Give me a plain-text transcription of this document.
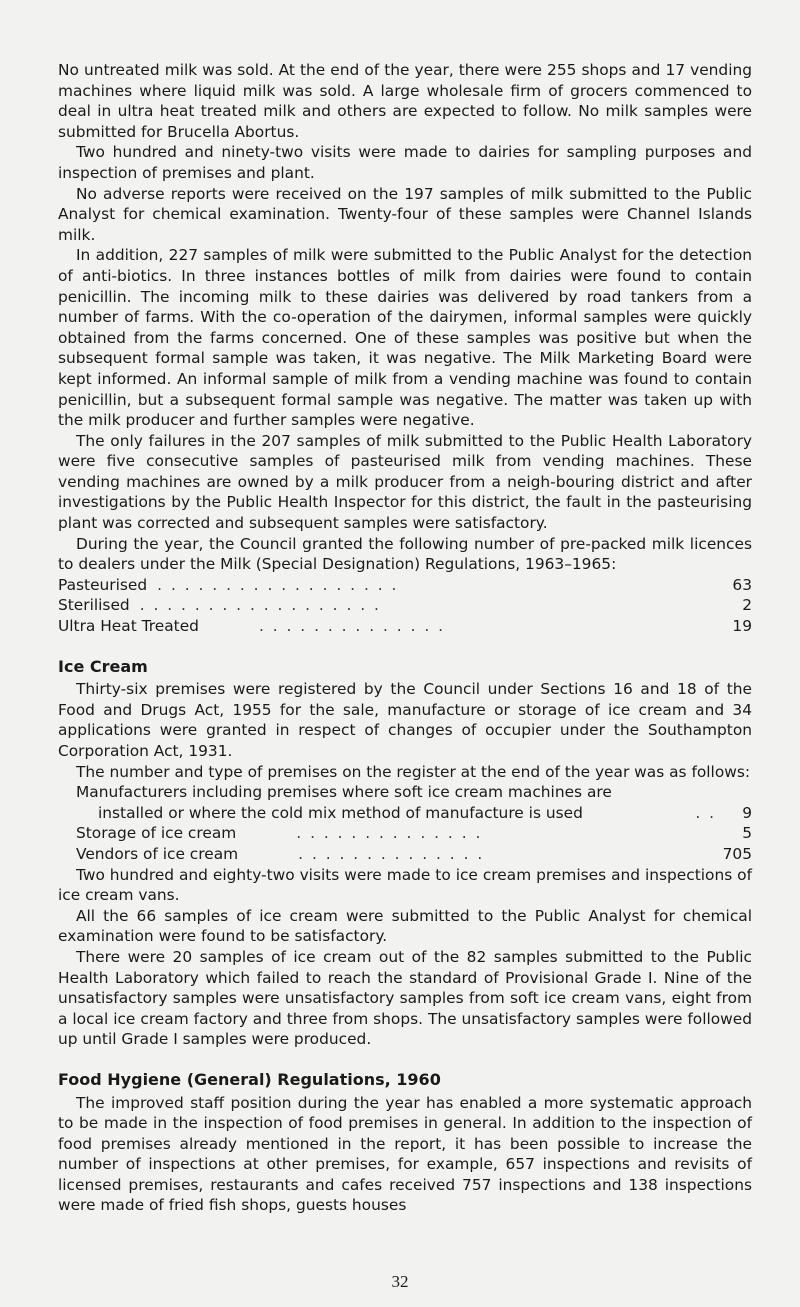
No untreated milk was sold. At the end of the year, there were 255 shops and 17 vending machines where liquid milk was sold. A large wholesale firm of grocers commenced to deal in ultra heat treated milk and others are expected to follow. No milk samples were submitted for Brucella Abortus.

Two hundred and ninety-two visits were made to dairies for sampling purposes and inspection of premises and plant.

No adverse reports were received on the 197 samples of milk submitted to the Public Analyst for chemical examination. Twenty-four of these samples were Channel Islands milk.

In addition, 227 samples of milk were submitted to the Public Analyst for the detection of anti-biotics. In three instances bottles of milk from dairies were found to contain penicillin. The incoming milk to these dairies was delivered by road tankers from a number of farms. With the co-operation of the dairymen, informal samples were quickly obtained from the farms concerned. One of these samples was positive but when the subsequent formal sample was taken, it was negative. The Milk Marketing Board were kept informed. An informal sample of milk from a vending machine was found to contain penicillin, but a subsequent formal sample was negative. The matter was taken up with the milk producer and further samples were negative.

The only failures in the 207 samples of milk submitted to the Public Health Laboratory were five consecutive samples of pasteurised milk from vending machines. These vending machines are owned by a milk producer from a neigh-bouring district and after investigations by the Public Health Inspector for this district, the fault in the pasteurising plant was corrected and subsequent samples were satisfactory.

During the year, the Council granted the following number of pre-packed milk licences to dealers under the Milk (Special Designation) Regulations, 1963–1965:

Pasteurised . . . . . . . . . . . . . . . . . .	63
Sterilised . . . . . . . . . . . . . . . . . .	2
Ultra Heat Treated	. . . . . . . . . . . . . .	19
Ice Cream

Thirty-six premises were registered by the Council under Sections 16 and 18 of the Food and Drugs Act, 1955 for the sale, manufacture or storage of ice cream and 34 applications were granted in respect of changes of occupier under the Southampton Corporation Act, 1931.

The number and type of premises on the register at the end of the year was as follows:

Manufacturers including premises where soft ice cream machines are
installed or where the cold mix method of manufacture is used	. .	9
Storage of ice cream	. . . . . . . . . . . . . .	5
Vendors of ice cream	. . . . . . . . . . . . . .	705

Two hundred and eighty-two visits were made to ice cream premises and inspections of ice cream vans.

All the 66 samples of ice cream were submitted to the Public Analyst for chemical examination were found to be satisfactory.

There were 20 samples of ice cream out of the 82 samples submitted to the Public Health Laboratory which failed to reach the standard of Provisional Grade I. Nine of the unsatisfactory samples were unsatisfactory samples from soft ice cream vans, eight from a local ice cream factory and three from shops. The unsatisfactory samples were followed up until Grade I samples were produced.

Food Hygiene (General) Regulations, 1960

The improved staff position during the year has enabled a more systematic approach to be made in the inspection of food premises in general. In addition to the inspection of food premises already mentioned in the report, it has been possible to increase the number of inspections at other premises, for example, 657 inspections and revisits of licensed premises, restaurants and cafes received 757 inspections and 138 inspections were made of fried fish shops, guests houses

32
